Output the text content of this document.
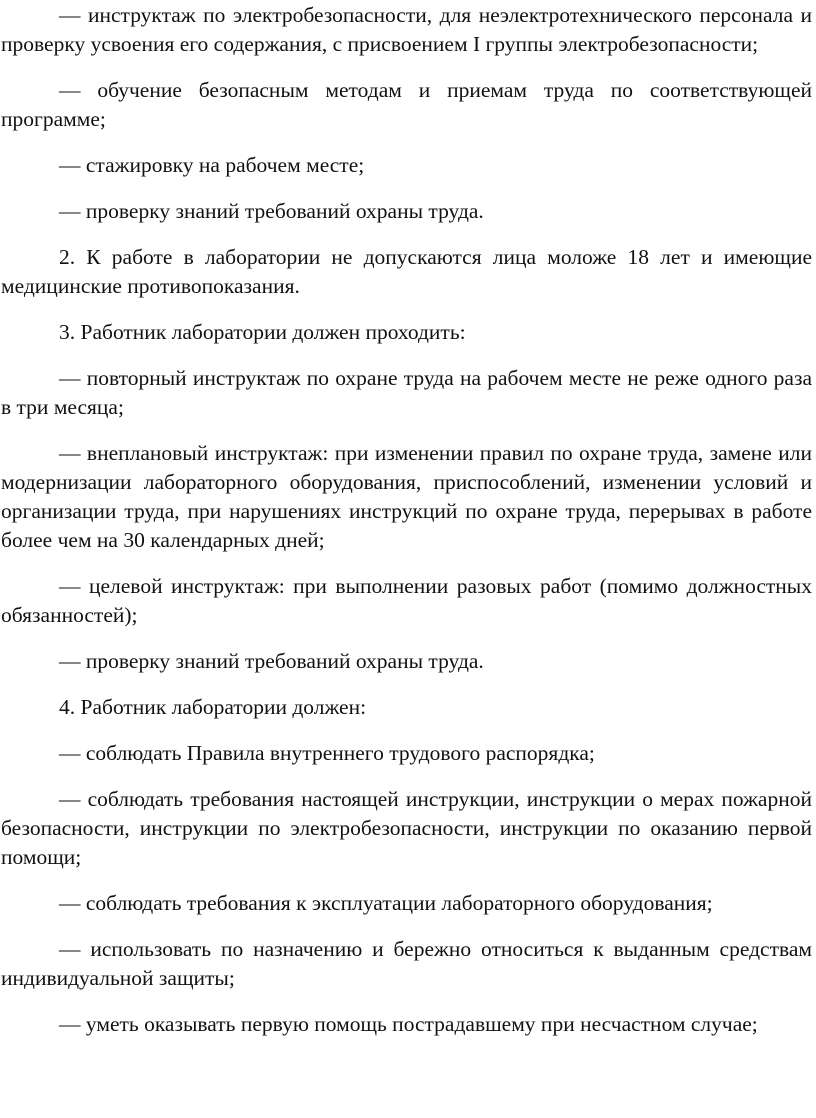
— инструктаж по электробезопасности, для неэлектротехнического персонала и проверку усвоения его содержания, с присвоением I группы электробезопасности;

— обучение безопасным методам и приемам труда по соответствующей программе;

— стажировку на рабочем месте;

— проверку знаний требований охраны труда.

2. К работе в лаборатории не допускаются лица моложе 18 лет и имеющие медицинские противопоказания.

3. Работник лаборатории должен проходить:

— повторный инструктаж по охране труда на рабочем месте не реже одного раза в три месяца;

— внеплановый инструктаж: при изменении правил по охране труда, замене или модернизации лабораторного оборудования, приспособлений, изменении условий и организации труда, при нарушениях инструкций по охране труда, перерывах в работе более чем на 30 календарных дней;

— целевой инструктаж: при выполнении разовых работ (помимо должностных обязанностей);

— проверку знаний требований охраны труда.

4. Работник лаборатории должен:

— соблюдать Правила внутреннего трудового распорядка;

— соблюдать требования настоящей инструкции, инструкции о мерах пожарной безопасности, инструкции по электробезопасности, инструкции по оказанию первой помощи;

— соблюдать требования к эксплуатации лабораторного оборудования;

— использовать по назначению и бережно относиться к выданным средствам индивидуальной защиты;

— уметь оказывать первую помощь пострадавшему при несчастном случае;
